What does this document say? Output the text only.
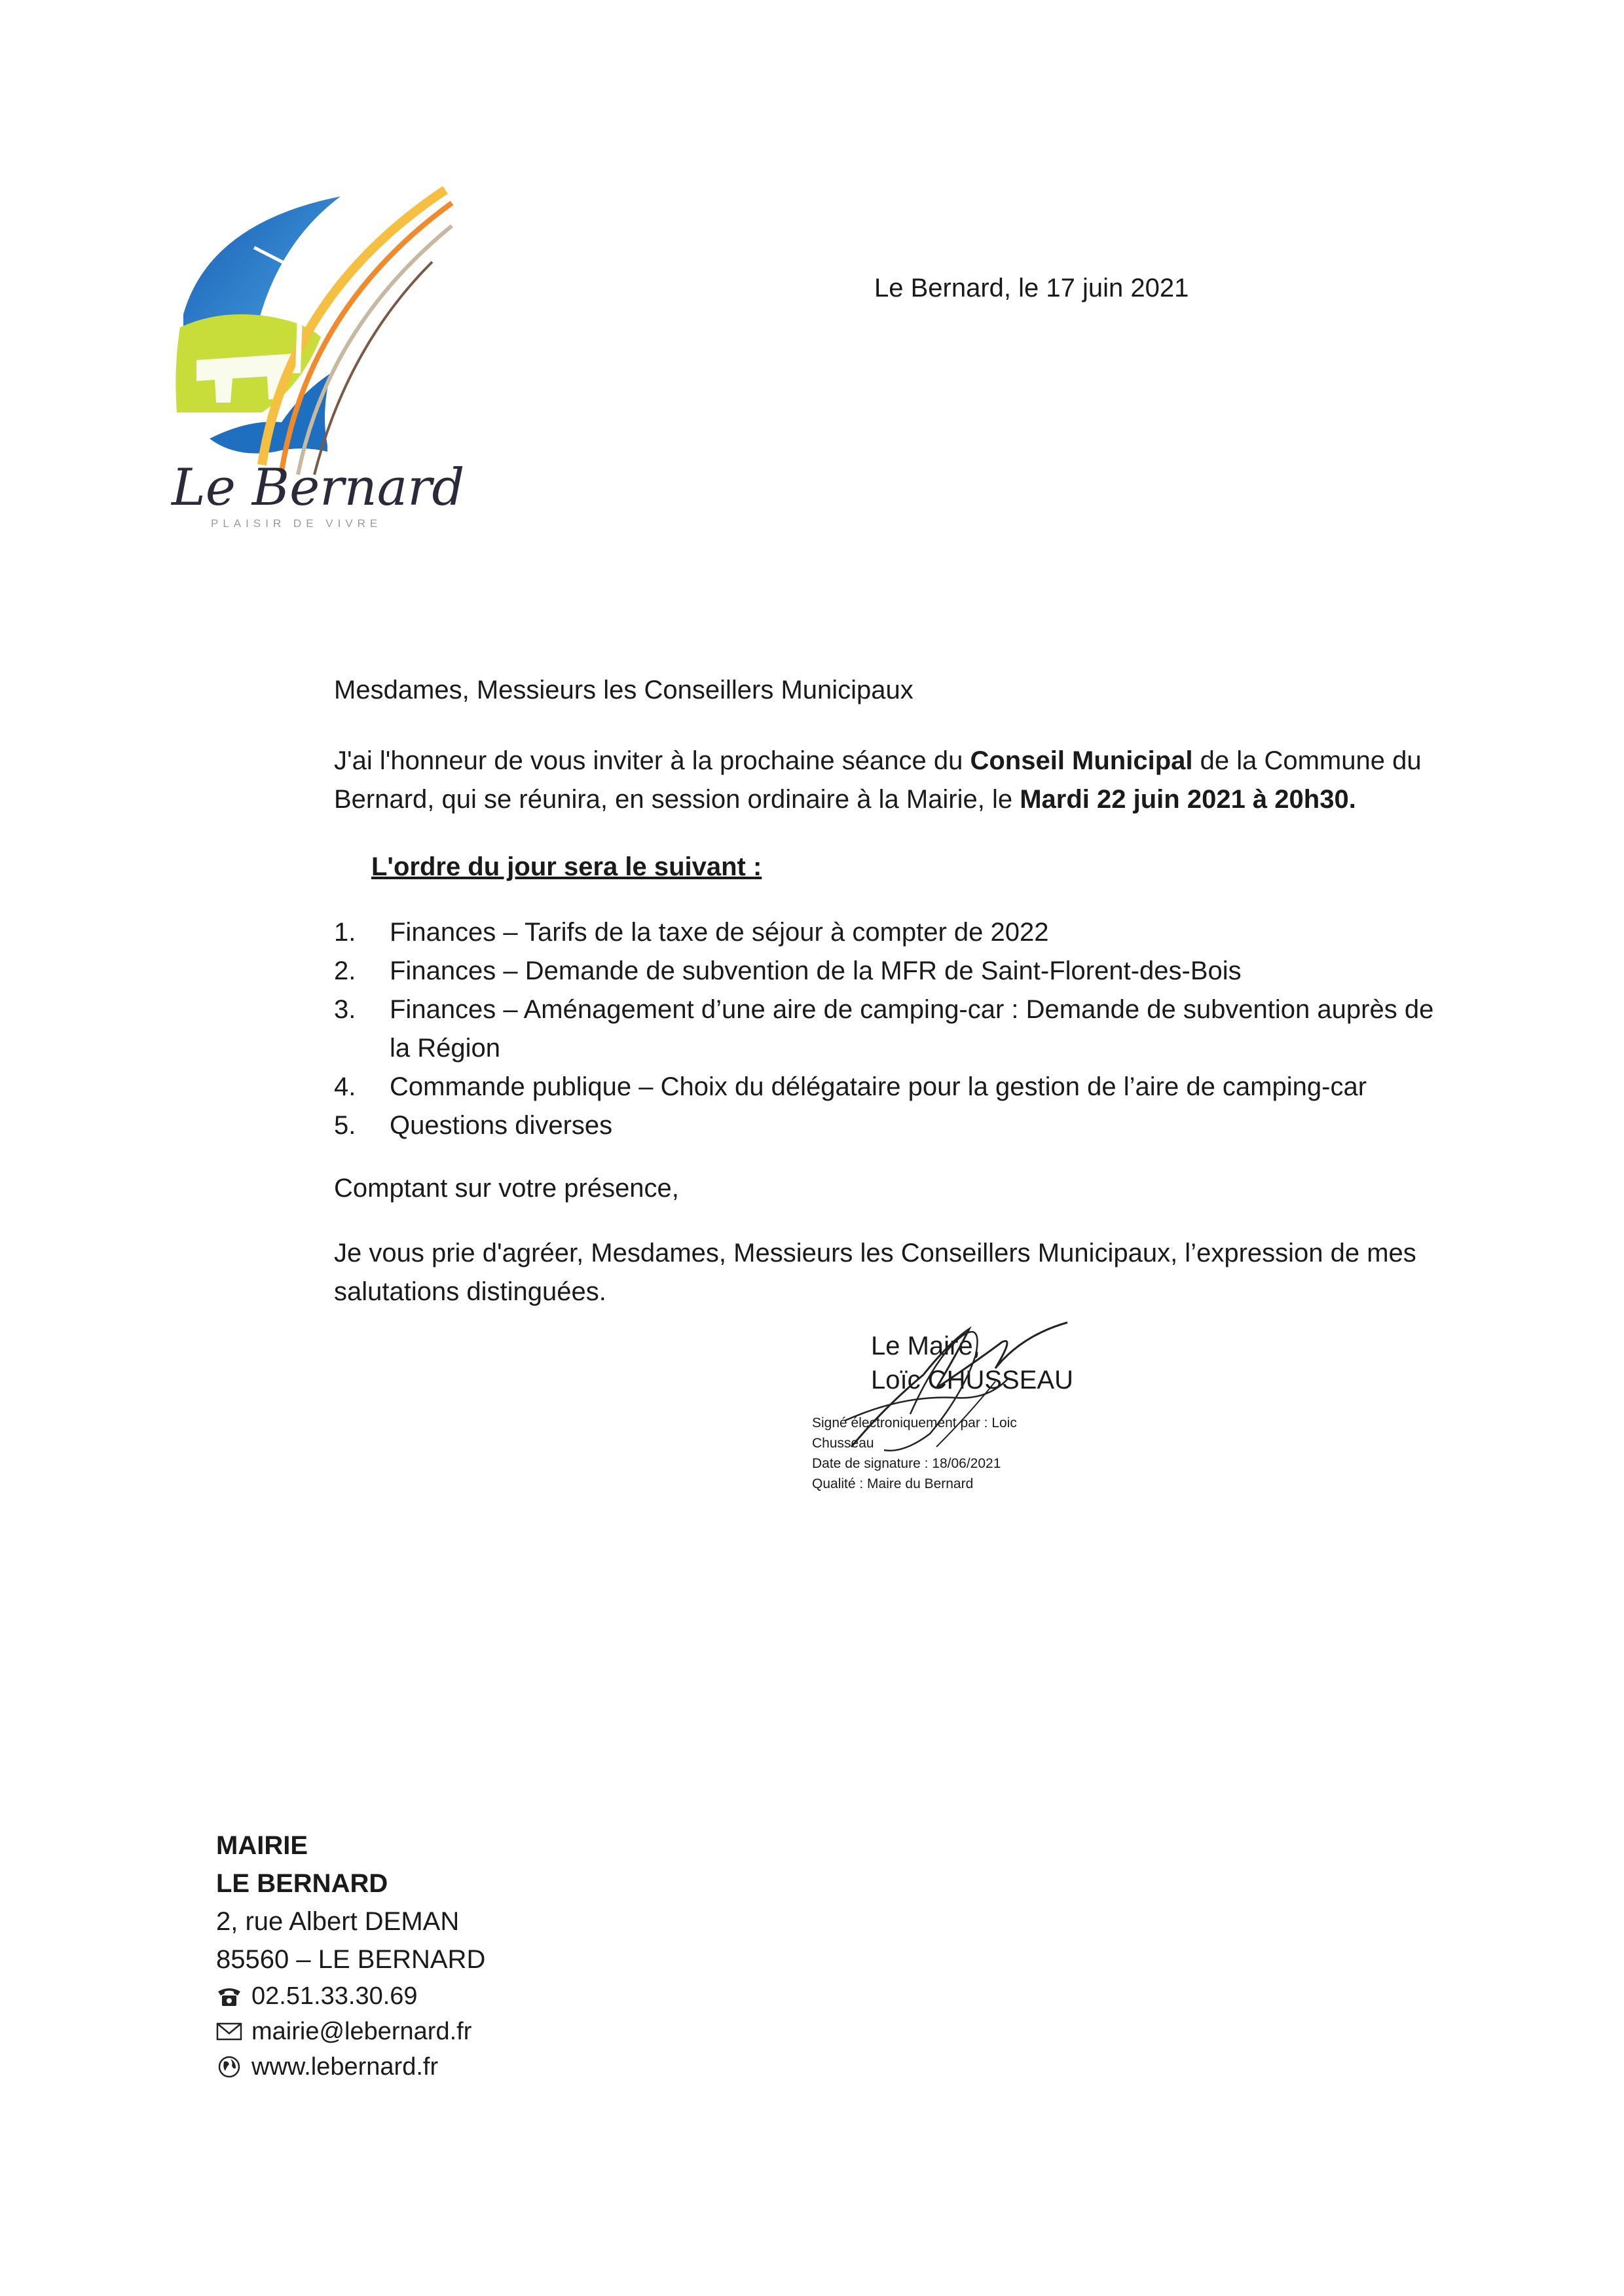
Le Bernard
PLAISIR DE VIVRE
Le Bernard, le 17 juin 2021
Mesdames, Messieurs les Conseillers Municipaux
J'ai l'honneur de vous inviter à la prochaine séance du Conseil Municipal de la Commune du Bernard, qui se réunira, en session ordinaire à la Mairie, le Mardi 22 juin 2021 à 20h30.
L'ordre du jour sera le suivant :
1. Finances – Tarifs de la taxe de séjour à compter de 2022
2. Finances – Demande de subvention de la MFR de Saint-Florent-des-Bois
3. Finances – Aménagement d’une aire de camping-car : Demande de subvention auprès de la Région
4. Commande publique – Choix du délégataire pour la gestion de l’aire de camping-car
5. Questions diverses
Comptant sur votre présence,
Je vous prie d'agréer, Mesdames, Messieurs les Conseillers Municipaux, l’expression de mes salutations distinguées.
Le Maire,
Loïc CHUSSEAU
Signé électroniquement par : Loic
Chusseau
Date de signature : 18/06/2021
Qualité : Maire du Bernard
MAIRIE
LE BERNARD
2, rue Albert DEMAN
85560 – LE BERNARD
02.51.33.30.69
mairie@lebernard.fr
www.lebernard.fr
